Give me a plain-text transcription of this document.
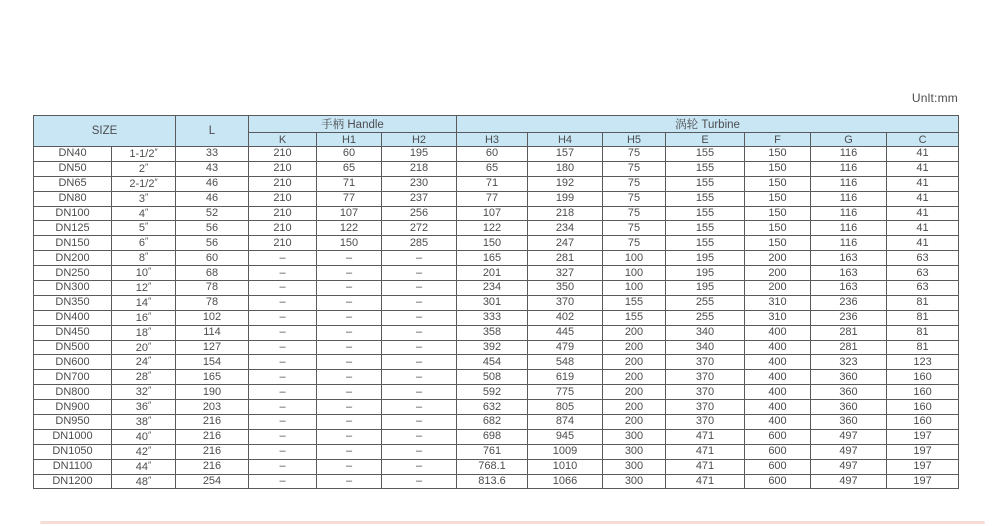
Unlt:mm
SIZE		L	手柄 Handle			涡轮 Turbine						
			K	H1	H2	H3	H4	H5	E	F	G	C
DN40	1-1/2″	33	210	60	195	60	157	75	155	150	116	41
DN50	2″	43	210	65	218	65	180	75	155	150	116	41
DN65	2-1/2″	46	210	71	230	71	192	75	155	150	116	41
DN80	3″	46	210	77	237	77	199	75	155	150	116	41
DN100	4″	52	210	107	256	107	218	75	155	150	116	41
DN125	5″	56	210	122	272	122	234	75	155	150	116	41
DN150	6″	56	210	150	285	150	247	75	155	150	116	41
DN200	8″	60	–	–	–	165	281	100	195	200	163	63
DN250	10″	68	–	–	–	201	327	100	195	200	163	63
DN300	12″	78	–	–	–	234	350	100	195	200	163	63
DN350	14″	78	–	–	–	301	370	155	255	310	236	81
DN400	16″	102	–	–	–	333	402	155	255	310	236	81
DN450	18″	114	–	–	–	358	445	200	340	400	281	81
DN500	20″	127	–	–	–	392	479	200	340	400	281	81
DN600	24″	154	–	–	–	454	548	200	370	400	323	123
DN700	28″	165	–	–	–	508	619	200	370	400	360	160
DN800	32″	190	–	–	–	592	775	200	370	400	360	160
DN900	36″	203	–	–	–	632	805	200	370	400	360	160
DN950	38″	216	–	–	–	682	874	200	370	400	360	160
DN1000	40″	216	–	–	–	698	945	300	471	600	497	197
DN1050	42″	216	–	–	–	761	1009	300	471	600	497	197
DN1100	44″	216	–	–	–	768.1	1010	300	471	600	497	197
DN1200	48″	254	–	–	–	813.6	1066	300	471	600	497	197
